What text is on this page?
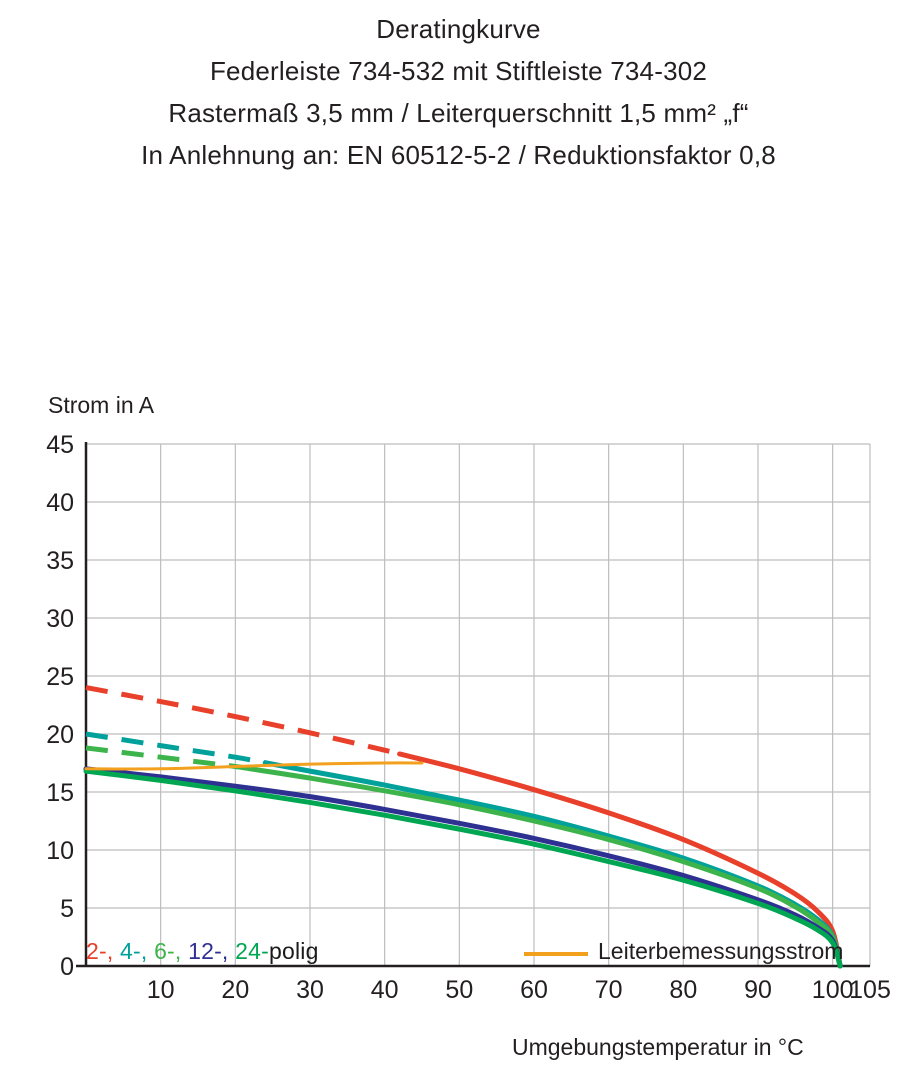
Deratingkurve
Federleiste 734-532 mit Stiftleiste 734-302
Rastermaß 3,5 mm / Leiterquerschnitt 1,5 mm² „f“
In Anlehnung an: EN 60512-5-2 / Reduktionsfaktor 0,8
Strom in A
10 20 30 40 50 60 70 80 90 100
105
0
5
10
15
20
25
30
35
40
45
Umgebungstemperatur in °C
2-, 4-, 6-, 12-, 24-polig	Leiterbemessungsstrom
